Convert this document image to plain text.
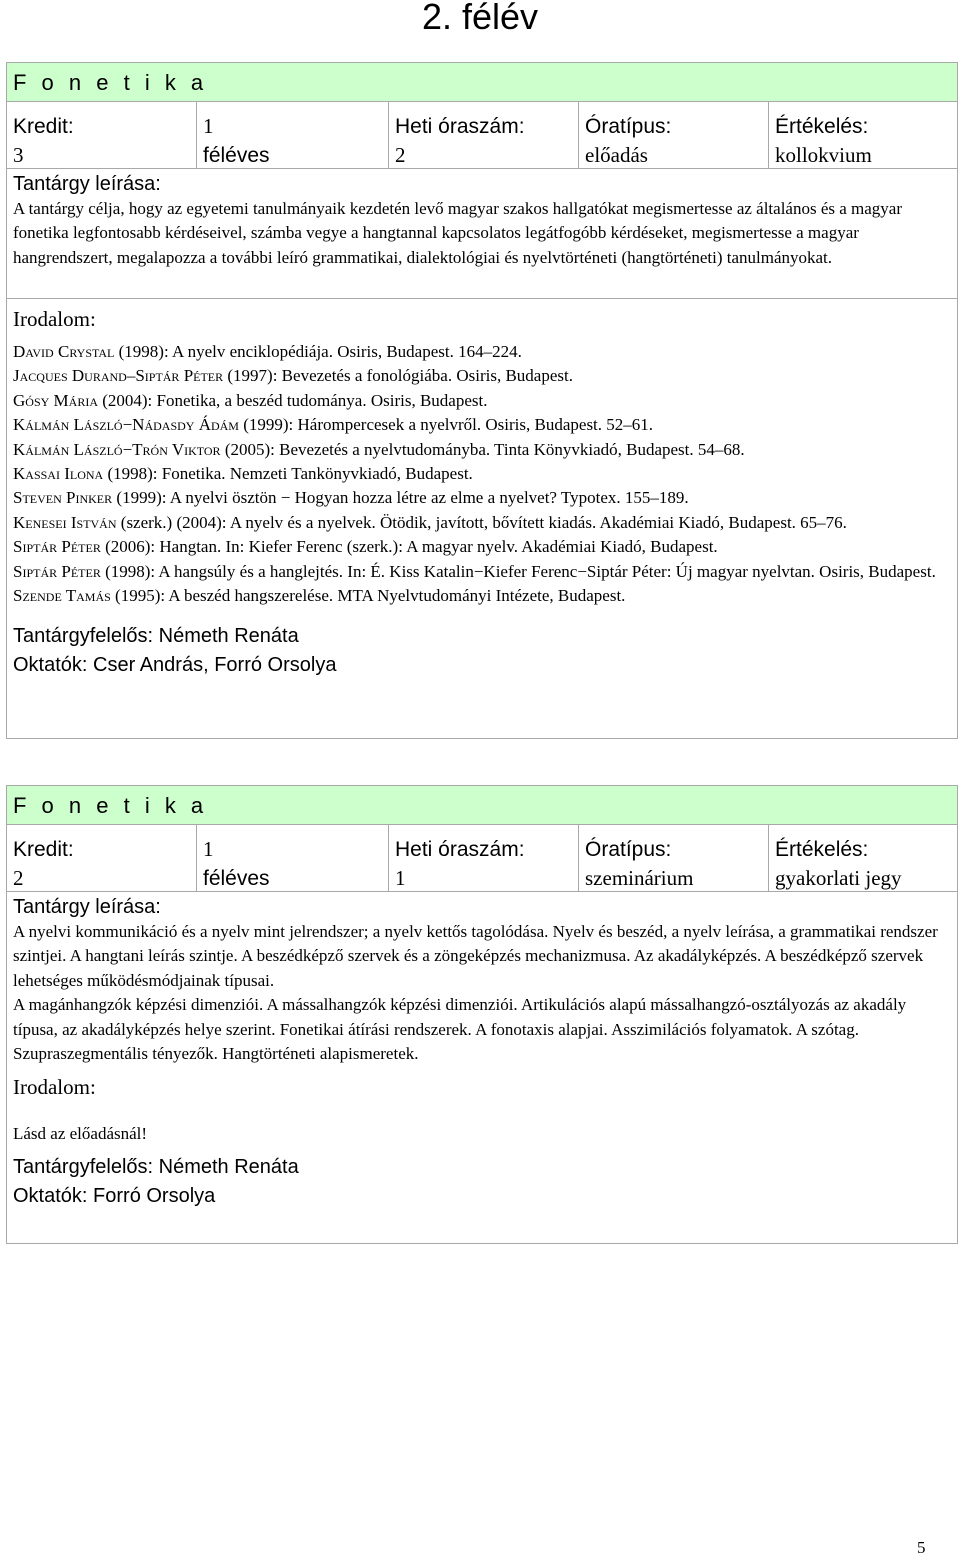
2. félév
F o n e t i k a
Kredit:
3
1
féléves
Heti óraszám:
2
Óratípus:
előadás
Értékelés:
kollokvium
Tantárgy leírása:
A tantárgy célja, hogy az egyetemi tanulmányaik kezdetén levő magyar szakos hallgatókat megismertesse az általános és a magyar fonetika legfontosabb kérdéseivel, számba vegye a hangtannal kapcsolatos legátfogóbb kérdéseket, megismertesse a magyar hangrendszert, megalapozza a további leíró grammatikai, dialektológiai és nyelvtörténeti (hangtörténeti) tanulmányokat.
Irodalom:
David Crystal (1998): A nyelv enciklopédiája. Osiris, Budapest. 164–224.
Jacques Durand–Siptár Péter (1997): Bevezetés a fonológiába. Osiris, Budapest.
Gósy Mária (2004): Fonetika, a beszéd tudománya. Osiris, Budapest.
Kálmán László−Nádasdy Ádám (1999): Hárompercesek a nyelvről. Osiris, Budapest. 52–61.
Kálmán László−Trón Viktor (2005): Bevezetés a nyelvtudományba. Tinta Könyvkiadó, Budapest. 54–68.
Kassai Ilona (1998): Fonetika. Nemzeti Tankönyvkiadó, Budapest.
Steven Pinker (1999): A nyelvi ösztön − Hogyan hozza létre az elme a nyelvet? Typotex. 155–189.
Kenesei István (szerk.) (2004): A nyelv és a nyelvek. Ötödik, javított, bővített kiadás. Akadémiai Kiadó, Budapest. 65–76.
Siptár Péter (2006): Hangtan. In: Kiefer Ferenc (szerk.): A magyar nyelv. Akadémiai Kiadó, Budapest.
Siptár Péter (1998): A hangsúly és a hanglejtés. In: É. Kiss Katalin−Kiefer Ferenc−Siptár Péter: Új magyar nyelvtan. Osiris, Budapest.
Szende Tamás (1995): A beszéd hangszerelése. MTA Nyelvtudományi Intézete, Budapest.
Tantárgyfelelős: Németh Renáta
Oktatók: Cser András, Forró Orsolya
F o n e t i k a
Kredit:
2
1
féléves
Heti óraszám:
1
Óratípus:
szeminárium
Értékelés:
gyakorlati jegy
Tantárgy leírása:
A nyelvi kommunikáció és a nyelv mint jelrendszer; a nyelv kettős tagolódása. Nyelv és beszéd, a nyelv leírása, a grammatikai rendszer szintjei. A hangtani leírás szintje. A beszédképző szervek és a zöngeképzés mechanizmusa. Az akadályképzés. A beszédképző szervek lehetséges működésmódjainak típusai.
A magánhangzók képzési dimenziói. A mássalhangzók képzési dimenziói. Artikulációs alapú mássalhangzó-osztályozás az akadály típusa, az akadályképzés helye szerint. Fonetikai átírási rendszerek. A fonotaxis alapjai. Asszimilációs folyamatok. A szótag. Szupraszegmentális tényezők. Hangtörténeti alapismeretek.
Irodalom:
Lásd az előadásnál!
Tantárgyfelelős: Németh Renáta
Oktatók: Forró Orsolya
5
